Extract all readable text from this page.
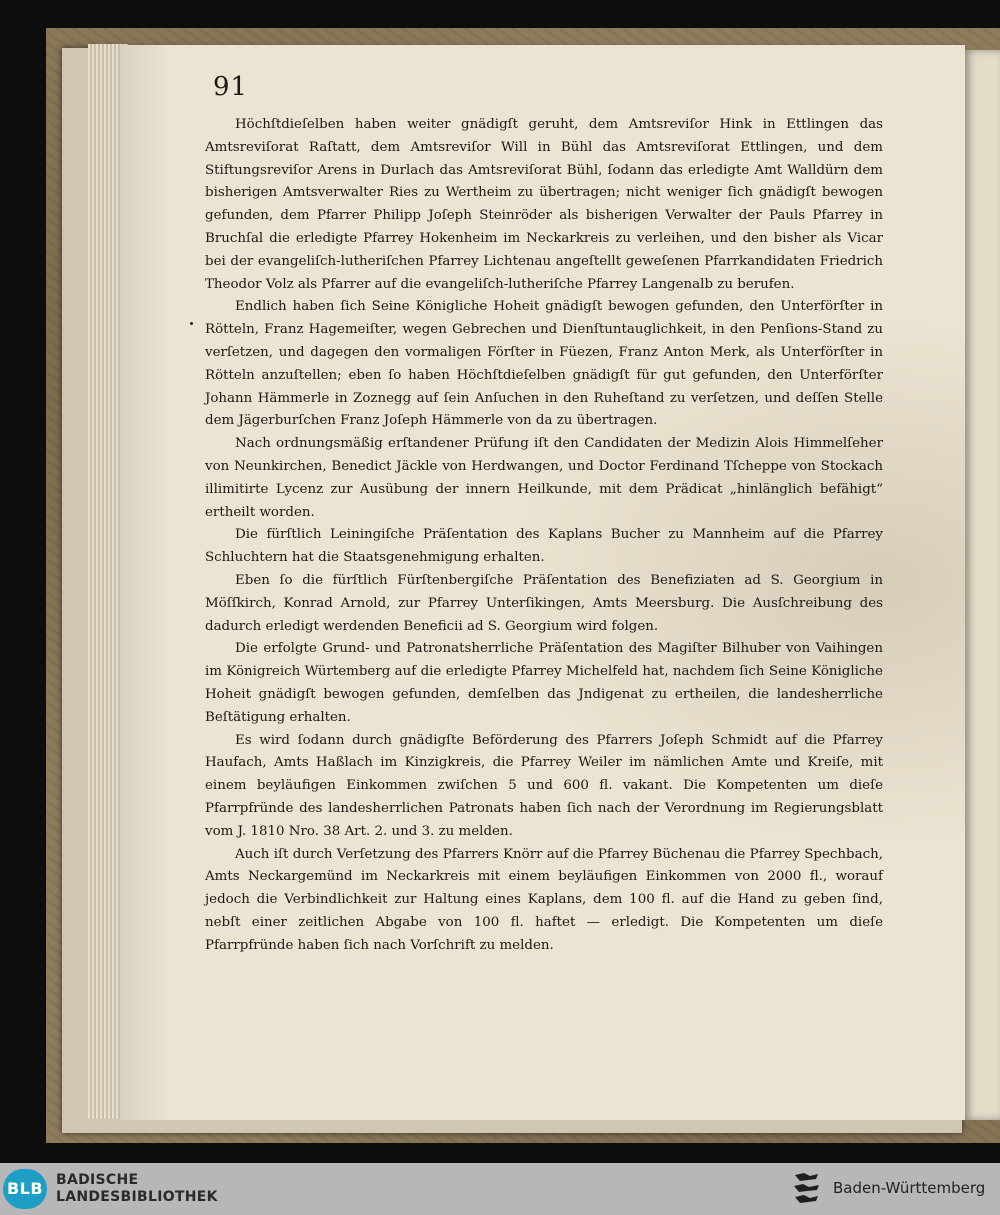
91

Höchſtdieſelben haben weiter gnädigſt geruht, dem Amtsreviſor Hink in Ettlingen das Amtsreviſorat Raſtatt, dem Amtsreviſor Will in Bühl das Amtsreviſorat Ettlingen, und dem Stiftungsreviſor Arens in Durlach das Amtsreviſorat Bühl, ſodann das erledigte Amt Walldürn dem bisherigen Amtsverwalter Ries zu Wertheim zu übertragen; nicht weniger ſich gnädigſt bewogen gefunden, dem Pfarrer Philipp Joſeph Steinröder als bisherigen Verwalter der Pauls Pfarrey in Bruchſal die erledigte Pfarrey Hokenheim im Neckarkreis zu verleihen, und den bisher als Vicar bei der evangeliſch-lutheriſchen Pfarrey Lichtenau angeſtellt geweſenen Pfarrkandidaten Friedrich Theodor Volz als Pfarrer auf die evangeliſch-lutheriſche Pfarrey Langenalb zu berufen.

Endlich haben ſich Seine Königliche Hoheit gnädigſt bewogen gefunden, den Unterförſter in Rötteln, Franz Hagemeiſter, wegen Gebrechen und Dienſtuntauglichkeit, in den Penſions-Stand zu verſetzen, und dagegen den vormaligen Förſter in Füezen, Franz Anton Merk, als Unterförſter in Rötteln anzuſtellen; eben ſo haben Höchſtdieſelben gnädigſt für gut gefunden, den Unterförſter Johann Hämmerle in Zoznegg auf ſein Anſuchen in den Ruheſtand zu verſetzen, und deſſen Stelle dem Jägerburſchen Franz Joſeph Hämmerle von da zu übertragen.

Nach ordnungsmäßig erſtandener Prüfung iſt den Candidaten der Medizin Alois Himmelſeher von Neunkirchen, Benedict Jäckle von Herdwangen, und Doctor Ferdinand Tſcheppe von Stockach illimitirte Lycenz zur Ausübung der innern Heilkunde, mit dem Prädicat „hinlänglich befähigt“ ertheilt worden.

Die fürſtlich Leiningiſche Präſentation des Kaplans Bucher zu Mannheim auf die Pfarrey Schluchtern hat die Staatsgenehmigung erhalten.

Eben ſo die fürſtlich Fürſtenbergiſche Präſentation des Benefiziaten ad S. Georgium in Möſſkirch, Konrad Arnold, zur Pfarrey Unterſikingen, Amts Meersburg. Die Ausſchreibung des dadurch erledigt werdenden Beneficii ad S. Georgium wird folgen.

Die erfolgte Grund- und Patronatsherrliche Präſentation des Magiſter Bilhuber von Vaihingen im Königreich Würtemberg auf die erledigte Pfarrey Michelfeld hat, nachdem ſich Seine Königliche Hoheit gnädigſt bewogen gefunden, demſelben das Jndigenat zu ertheilen, die landesherrliche Beſtätigung erhalten.

Es wird ſodann durch gnädigſte Beförderung des Pfarrers Joſeph Schmidt auf die Pfarrey Haufach, Amts Haßlach im Kinzigkreis, die Pfarrey Weiler im nämlichen Amte und Kreiſe, mit einem beyläufigen Einkommen zwiſchen 5 und 600 fl. vakant. Die Kompetenten um dieſe Pfarrpfründe des landesherrlichen Patronats haben ſich nach der Verordnung im Regierungsblatt vom J. 1810 Nro. 38 Art. 2. und 3. zu melden.

Auch iſt durch Verſetzung des Pfarrers Knörr auf die Pfarrey Büchenau die Pfarrey Spechbach, Amts Neckargemünd im Neckarkreis mit einem beyläufigen Einkommen von 2000 fl., worauf jedoch die Verbindlichkeit zur Haltung eines Kaplans, dem 100 fl. auf die Hand zu geben ſind, nebſt einer zeitlichen Abgabe von 100 fl. haftet — erledigt. Die Kompetenten um dieſe Pfarrpfründe haben ſich nach Vorſchrift zu melden.

BLB BADISCHE
LANDESBIBLIOTHEK	Baden-Württemberg
